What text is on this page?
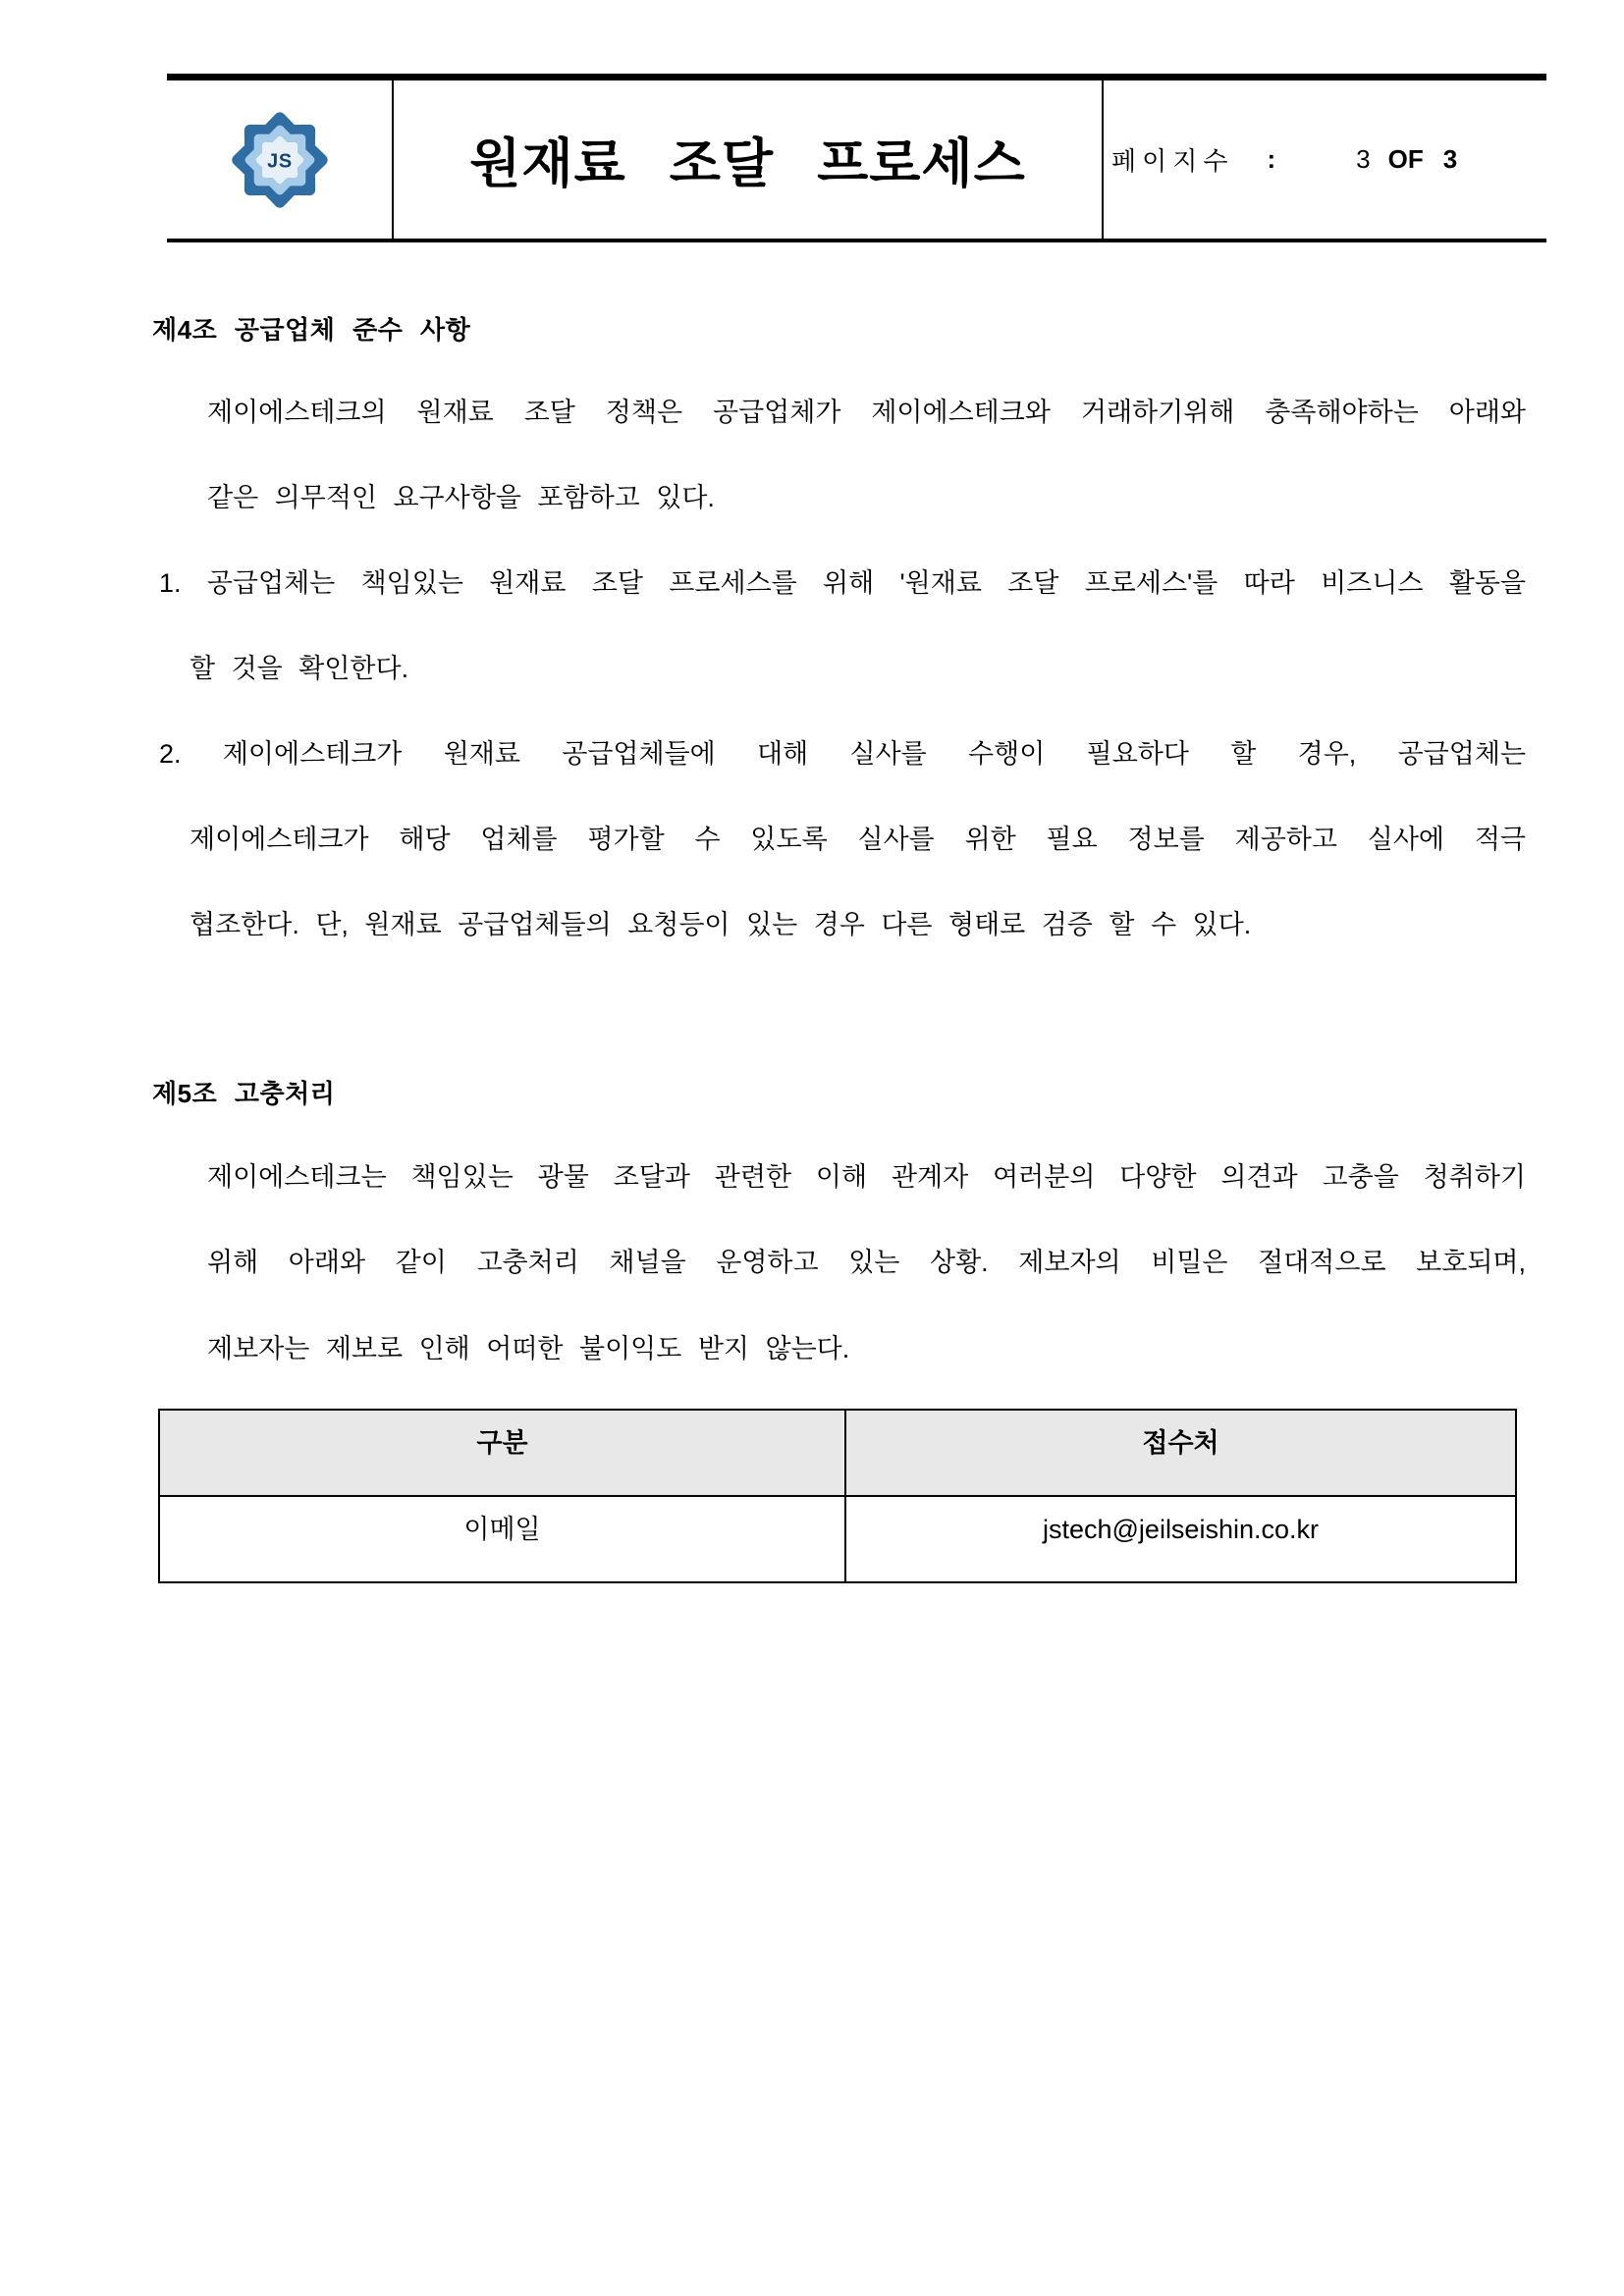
JS	원재료 조달 프로세스	페이지수 :	3 OF 3
제4조 공급업체 준수 사항
제이에스테크의 원재료 조달 정책은 공급업체가 제이에스테크와 거래하기위해 충족해야하는 아래와
같은 의무적인 요구사항을 포함하고 있다.
1. 공급업체는 책임있는 원재료 조달 프로세스를 위해 '원재료 조달 프로세스'를 따라 비즈니스 활동을
할 것을 확인한다.
2. 제이에스테크가 원재료 공급업체들에 대해 실사를 수행이 필요하다 할 경우, 공급업체는
제이에스테크가 해당 업체를 평가할 수 있도록 실사를 위한 필요 정보를 제공하고 실사에 적극
협조한다. 단, 원재료 공급업체들의 요청등이 있는 경우 다른 형태로 검증 할 수 있다.
제5조 고충처리
제이에스테크는 책임있는 광물 조달과 관련한 이해 관계자 여러분의 다양한 의견과 고충을 청취하기
위해 아래와 같이 고충처리 채널을 운영하고 있는 상황. 제보자의 비밀은 절대적으로 보호되며,
제보자는 제보로 인해 어떠한 불이익도 받지 않는다.
구분	접수처
이메일	jstech@jeilseishin.co.kr
